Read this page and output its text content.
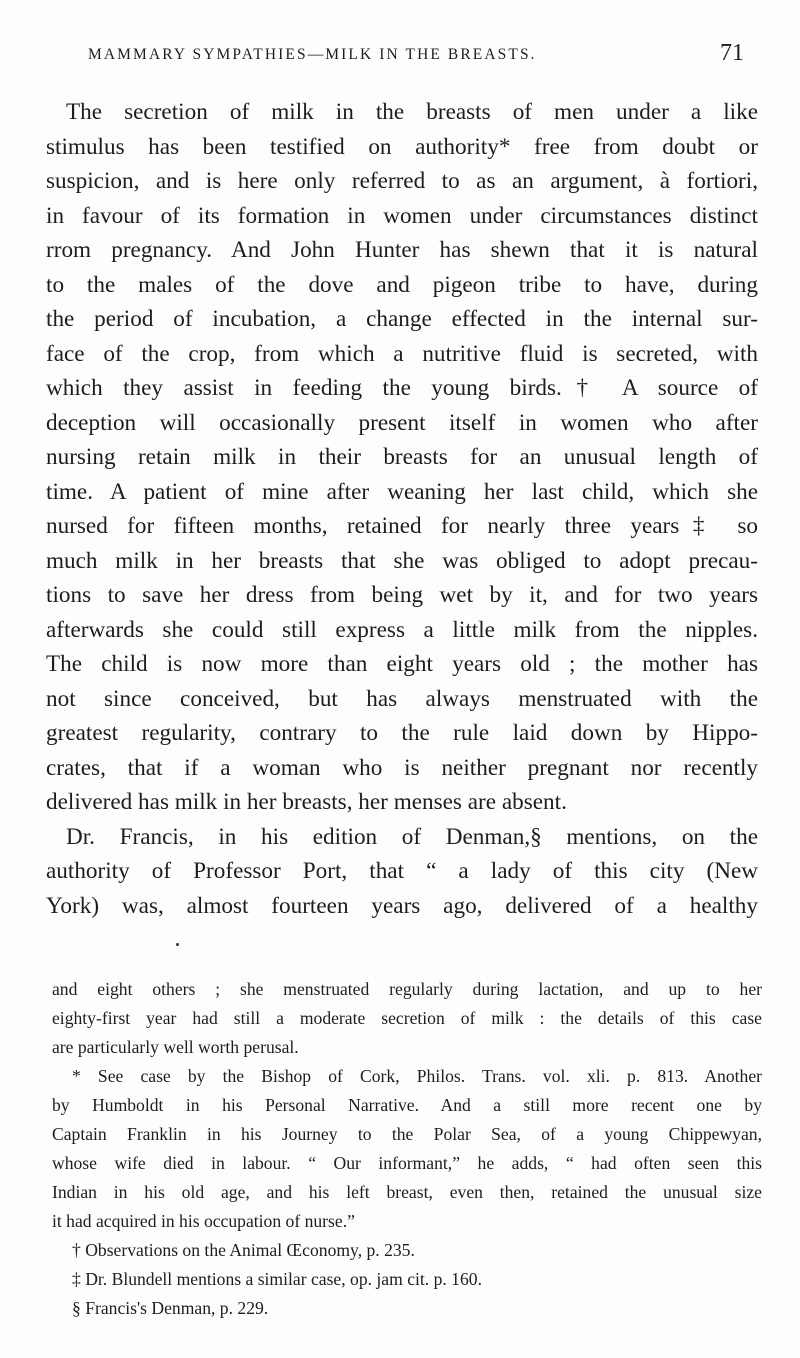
MAMMARY SYMPATHIES—MILK IN THE BREASTS.	71
The secretion of milk in the breasts of men under a like
stimulus has been testified on authority* free from doubt or
suspicion, and is here only referred to as an argument, à fortiori,
in favour of its formation in women under circumstances distinct
rrom pregnancy. And John Hunter has shewn that it is natural
to the males of the dove and pigeon tribe to have, during
the period of incubation, a change effected in the internal sur-
face of the crop, from which a nutritive fluid is secreted, with
which they assist in feeding the young birds.† A source of
deception will occasionally present itself in women who after
nursing retain milk in their breasts for an unusual length of
time. A patient of mine after weaning her last child, which she
nursed for fifteen months, retained for nearly three years‡ so
much milk in her breasts that she was obliged to adopt precau-
tions to save her dress from being wet by it, and for two years
afterwards she could still express a little milk from the nipples.
The child is now more than eight years old ; the mother has
not since conceived, but has always menstruated with the
greatest regularity, contrary to the rule laid down by Hippo-
crates, that if a woman who is neither pregnant nor recently
delivered has milk in her breasts, her menses are absent.
Dr. Francis, in his edition of Denman,§ mentions, on the
authority of Professor Port, that “ a lady of this city (New
York) was, almost fourteen years ago, delivered of a healthy
and eight others ; she menstruated regularly during lactation, and up to her
eighty-first year had still a moderate secretion of milk : the details of this case
are particularly well worth perusal.
* See case by the Bishop of Cork, Philos. Trans. vol. xli. p. 813. Another
by Humboldt in his Personal Narrative. And a still more recent one by
Captain Franklin in his Journey to the Polar Sea, of a young Chippewyan,
whose wife died in labour. “ Our informant,” he adds, “ had often seen this
Indian in his old age, and his left breast, even then, retained the unusual size
it had acquired in his occupation of nurse.”
† Observations on the Animal Œconomy, p. 235.
‡ Dr. Blundell mentions a similar case, op. jam cit. p. 160.
§ Francis's Denman, p. 229.
